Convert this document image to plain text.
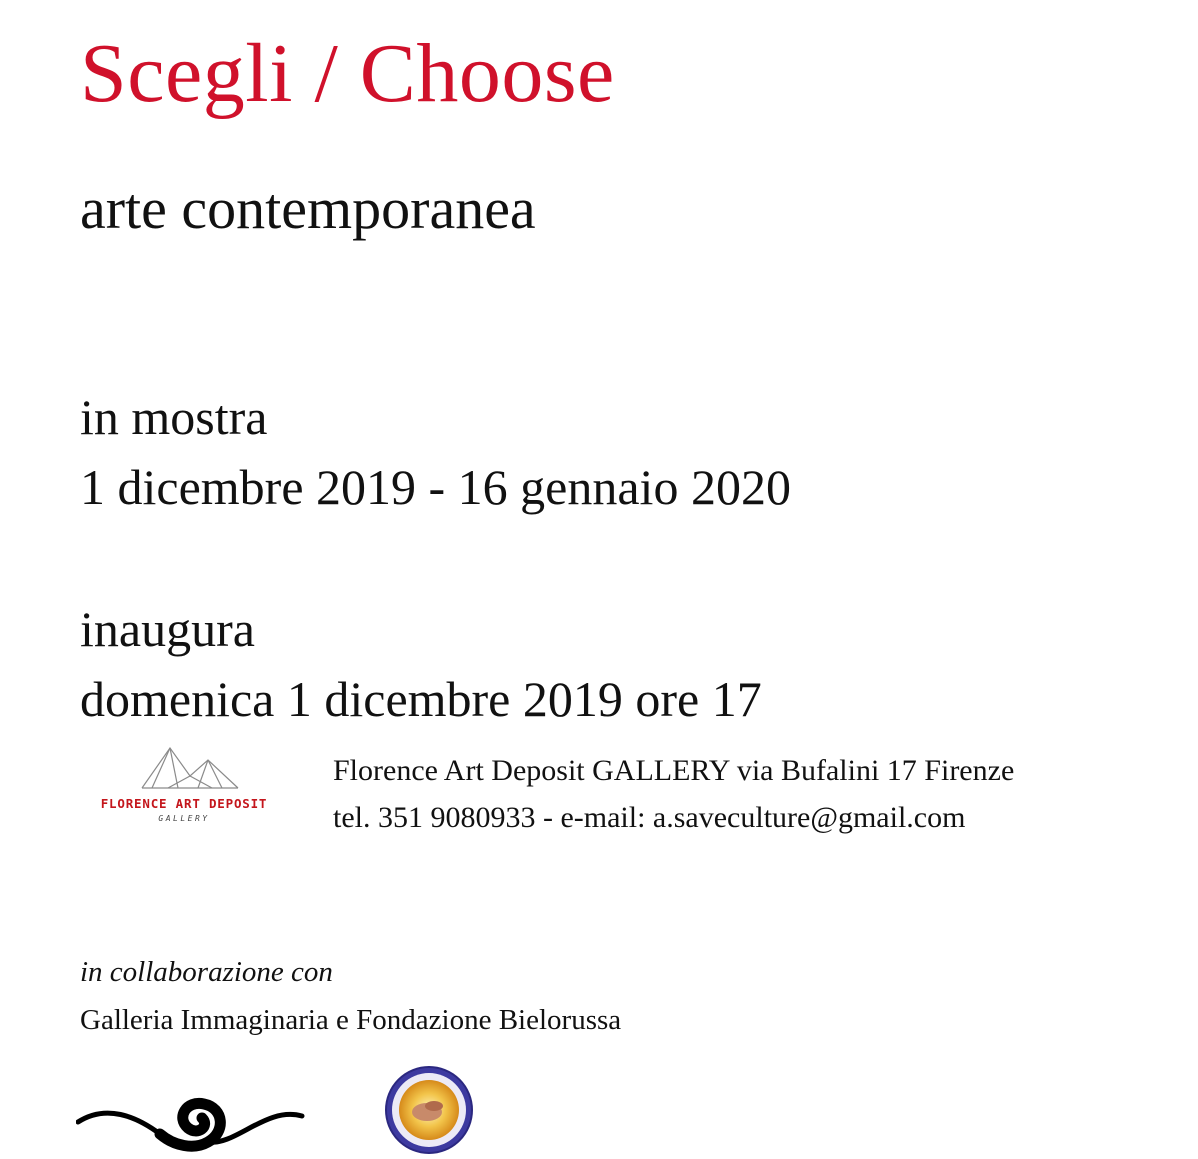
Scegli / Choose
arte contemporanea
in mostra
1 dicembre 2019 - 16 gennaio 2020
inaugura
domenica 1 dicembre 2019 ore 17
FLORENCE ART DEPOSIT
GALLERY
Florence Art Deposit GALLERY via Bufalini 17 Firenze
tel. 351 9080933 - e-mail: a.saveculture@gmail.com
in collaborazione con
Galleria Immaginaria e Fondazione Bielorussa
